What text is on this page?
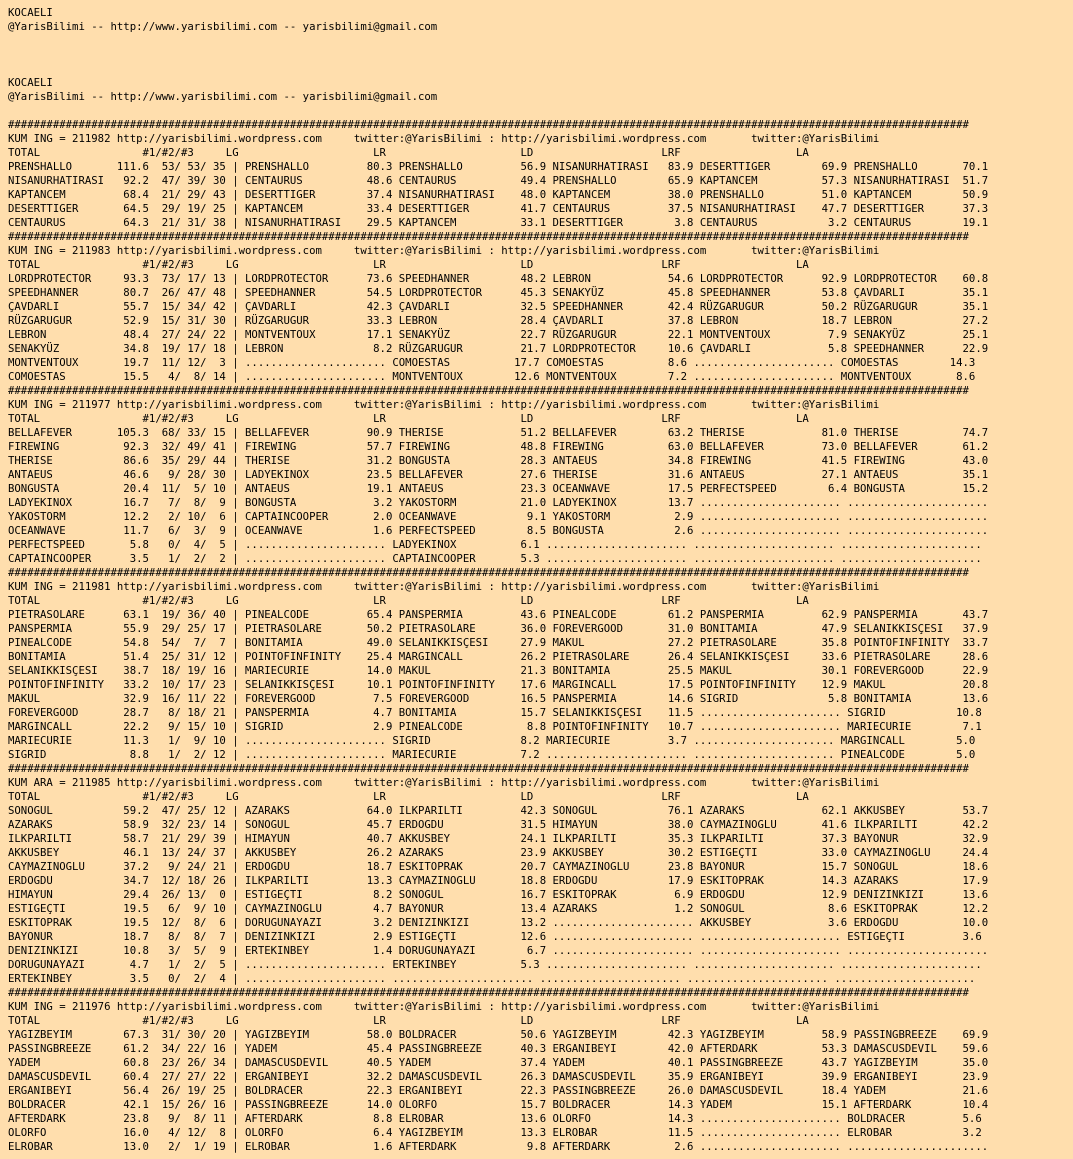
KOCAELI
@YarisBilimi -- http://www.yarisbilimi.com -- yarisbilimi@gmail.com
KOCAELI
@YarisBilimi -- http://www.yarisbilimi.com -- yarisbilimi@gmail.com
######################################################################################################################################################
KUM ING = 211982 http://yarisbilimi.wordpress.com     twitter:@YarisBilimi : http://yarisbilimi.wordpress.com       twitter:@YarisBilimi
TOTAL                #1/#2/#3     LG                     LR                     LD                    LRF                  LA
PRENSHALLO       111.6  53/ 53/ 35 | PRENSHALLO         80.3 PRENSHALLO         56.9 NISANURHATIRASI   83.9 DESERTTIGER        69.9 PRENSHALLO       70.1
NISANURHATIRASI   92.2  47/ 39/ 30 | CENTAURUS          48.6 CENTAURUS          49.4 PRENSHALLO        65.9 KAPTANCEM          57.3 NISANURHATIRASI  51.7
KAPTANCEM         68.4  21/ 29/ 43 | DESERTTIGER        37.4 NISANURHATIRASI    48.0 KAPTANCEM         38.0 PRENSHALLO         51.0 KAPTANCEM        50.9
DESERTTIGER       64.5  29/ 19/ 25 | KAPTANCEM          33.4 DESERTTIGER        41.7 CENTAURUS         37.5 NISANURHATIRASI    47.7 DESERTTIGER      37.3
CENTAURUS         64.3  21/ 31/ 38 | NISANURHATIRASI    29.5 KAPTANCEM          33.1 DESERTTIGER        3.8 CENTAURUS           3.2 CENTAURUS        19.1
######################################################################################################################################################
KUM ING = 211983 http://yarisbilimi.wordpress.com     twitter:@YarisBilimi : http://yarisbilimi.wordpress.com       twitter:@YarisBilimi
TOTAL                #1/#2/#3     LG                     LR                     LD                    LRF                  LA
LORDPROTECTOR     93.3  73/ 17/ 13 | LORDPROTECTOR      73.6 SPEEDHANNER        48.2 LEBRON            54.6 LORDPROTECTOR      92.9 LORDPROTECTOR    60.8
SPEEDHANNER       80.7  26/ 47/ 48 | SPEEDHANNER        54.5 LORDPROTECTOR      45.3 SENAKYÜZ          45.8 SPEEDHANNER        53.8 ÇAVDARLI         35.1
ÇAVDARLI          55.7  15/ 34/ 42 | ÇAVDARLI           42.3 ÇAVDARLI           32.5 SPEEDHANNER       42.4 RÜZGARUGUR         50.2 RÜZGARUGUR       35.1
RÜZGARUGUR        52.9  15/ 31/ 30 | RÜZGARUGUR         33.3 LEBRON             28.4 ÇAVDARLI          37.8 LEBRON             18.7 LEBRON           27.2
LEBRON            48.4  27/ 24/ 22 | MONTVENTOUX        17.1 SENAKYÜZ           22.7 RÜZGARUGUR        22.1 MONTVENTOUX         7.9 SENAKYÜZ         25.1
SENAKYÜZ          34.8  19/ 17/ 18 | LEBRON              8.2 RÜZGARUGUR         21.7 LORDPROTECTOR     10.6 ÇAVDARLI            5.8 SPEEDHANNER      22.9
MONTVENTOUX       19.7  11/ 12/  3 | ...................... COMOESTAS          17.7 COMOESTAS          8.6 ...................... COMOESTAS        14.3
COMOESTAS         15.5   4/  8/ 14 | ...................... MONTVENTOUX        12.6 MONTVENTOUX        7.2 ...................... MONTVENTOUX       8.6
######################################################################################################################################################
KUM ING = 211977 http://yarisbilimi.wordpress.com     twitter:@YarisBilimi : http://yarisbilimi.wordpress.com       twitter:@YarisBilimi
TOTAL                #1/#2/#3     LG                     LR                     LD                    LRF                  LA
BELLAFEVER       105.3  68/ 33/ 15 | BELLAFEVER         90.9 THERISE            51.2 BELLAFEVER        63.2 THERISE            81.0 THERISE          74.7
FIREWING          92.3  32/ 49/ 41 | FIREWING           57.7 FIREWING           48.8 FIREWING          63.0 BELLAFEVER         73.0 BELLAFEVER       61.2
THERISE           86.6  35/ 29/ 44 | THERISE            31.2 BONGUSTA           28.3 ANTAEUS           34.8 FIREWING           41.5 FIREWING         43.0
ANTAEUS           46.6   9/ 28/ 30 | LADYEKINOX         23.5 BELLAFEVER         27.6 THERISE           31.6 ANTAEUS            27.1 ANTAEUS          35.1
BONGUSTA          20.4  11/  5/ 10 | ANTAEUS            19.1 ANTAEUS            23.3 OCEANWAVE         17.5 PERFECTSPEED        6.4 BONGUSTA         15.2
LADYEKINOX        16.7   7/  8/  9 | BONGUSTA            3.2 YAKOSTORM          21.0 LADYEKINOX        13.7 ...................... ......................
YAKOSTORM         12.2   2/ 10/  6 | CAPTAINCOOPER       2.0 OCEANWAVE           9.1 YAKOSTORM          2.9 ...................... ......................
OCEANWAVE         11.7   6/  3/  9 | OCEANWAVE           1.6 PERFECTSPEED        8.5 BONGUSTA           2.6 ...................... ......................
PERFECTSPEED       5.8   0/  4/  5 | ...................... LADYEKINOX          6.1 ...................... ...................... ......................
CAPTAINCOOPER      3.5   1/  2/  2 | ...................... CAPTAINCOOPER       5.3 ...................... ...................... ......................
######################################################################################################################################################
KUM ING = 211981 http://yarisbilimi.wordpress.com     twitter:@YarisBilimi : http://yarisbilimi.wordpress.com       twitter:@YarisBilimi
TOTAL                #1/#2/#3     LG                     LR                     LD                    LRF                  LA
PIETRASOLARE      63.1  19/ 36/ 40 | PINEALCODE         65.4 PANSPERMIA         43.6 PINEALCODE        61.2 PANSPERMIA         62.9 PANSPERMIA       43.7
PANSPERMIA        55.9  29/ 25/ 17 | PIETRASOLARE       50.2 PIETRASOLARE       36.0 FOREVERGOOD       31.0 BONITAMIA          47.9 SELANIKKISÇESI   37.9
PINEALCODE        54.8  54/  7/  7 | BONITAMIA          49.0 SELANIKKISÇESI     27.9 MAKUL             27.2 PIETRASOLARE       35.8 POINTOFINFINITY  33.7
BONITAMIA         51.4  25/ 31/ 12 | POINTOFINFINITY    25.4 MARGINCALL         26.2 PIETRASOLARE      26.4 SELANIKKISÇESI     33.6 PIETRASOLARE     28.6
SELANIKKISÇESI    38.7  18/ 19/ 16 | MARIECURIE         14.0 MAKUL              21.3 BONITAMIA         25.5 MAKUL              30.1 FOREVERGOOD      22.9
POINTOFINFINITY   33.2  10/ 17/ 23 | SELANIKKISÇESI     10.1 POINTOFINFINITY    17.6 MARGINCALL        17.5 POINTOFINFINITY    12.9 MAKUL            20.8
MAKUL             32.9  16/ 11/ 22 | FOREVERGOOD         7.5 FOREVERGOOD        16.5 PANSPERMIA        14.6 SIGRID              5.8 BONITAMIA        13.6
FOREVERGOOD       28.7   8/ 18/ 21 | PANSPERMIA          4.7 BONITAMIA          15.7 SELANIKKISÇESI    11.5 ...................... SIGRID           10.8
MARGINCALL        22.2   9/ 15/ 10 | SIGRID              2.9 PINEALCODE          8.8 POINTOFINFINITY   10.7 ...................... MARIECURIE        7.1
MARIECURIE        11.3   1/  9/ 10 | ...................... SIGRID              8.2 MARIECURIE         3.7 ...................... MARGINCALL        5.0
SIGRID             8.8   1/  2/ 12 | ...................... MARIECURIE          7.2 ...................... ...................... PINEALCODE        5.0
######################################################################################################################################################
KUM ARA = 211985 http://yarisbilimi.wordpress.com     twitter:@YarisBilimi : http://yarisbilimi.wordpress.com       twitter:@YarisBilimi
TOTAL                #1/#2/#3     LG                     LR                     LD                    LRF                  LA
SONOGUL           59.2  47/ 25/ 12 | AZARAKS            64.0 ILKPARILTI         42.3 SONOGUL           76.1 AZARAKS            62.1 AKKUSBEY         53.7
AZARAKS           58.9  32/ 23/ 14 | SONOGUL            45.7 ERDOGDU            31.5 HIMAYUN           38.0 CAYMAZINOGLU       41.6 ILKPARILTI       42.2
ILKPARILTI        58.7  21/ 29/ 39 | HIMAYUN            40.7 AKKUSBEY           24.1 ILKPARILTI        35.3 ILKPARILTI         37.3 BAYONUR          32.9
AKKUSBEY          46.1  13/ 24/ 37 | AKKUSBEY           26.2 AZARAKS            23.9 AKKUSBEY          30.2 ESTIGEÇTI          33.0 CAYMAZINOGLU     24.4
CAYMAZINOGLU      37.2   9/ 24/ 21 | ERDOGDU            18.7 ESKITOPRAK         20.7 CAYMAZINOGLU      23.8 BAYONUR            15.7 SONOGUL          18.6
ERDOGDU           34.7  12/ 18/ 26 | ILKPARILTI         13.3 CAYMAZINOGLU       18.8 ERDOGDU           17.9 ESKITOPRAK         14.3 AZARAKS          17.9
HIMAYUN           29.4  26/ 13/  0 | ESTIGEÇTI           8.2 SONOGUL            16.7 ESKITOPRAK         6.9 ERDOGDU            12.9 DENIZINKIZI      13.6
ESTIGEÇTI         19.5   6/  9/ 10 | CAYMAZINOGLU        4.7 BAYONUR            13.4 AZARAKS            1.2 SONOGUL             8.6 ESKITOPRAK       12.2
ESKITOPRAK        19.5  12/  8/  6 | DORUGUNAYAZI        3.2 DENIZINKIZI        13.2 ...................... AKKUSBEY            3.6 ERDOGDU          10.0
BAYONUR           18.7   8/  8/  7 | DENIZINKIZI         2.9 ESTIGEÇTI          12.6 ...................... ...................... ESTIGEÇTI         3.6
DENIZINKIZI       10.8   3/  5/  9 | ERTEKINBEY          1.4 DORUGUNAYAZI        6.7 ...................... ...................... ......................
DORUGUNAYAZI       4.7   1/  2/  5 | ...................... ERTEKINBEY          5.3 ...................... ...................... ......................
ERTEKINBEY         3.5   0/  2/  4 | ...................... ...................... ...................... ...................... ......................
######################################################################################################################################################
KUM ING = 211976 http://yarisbilimi.wordpress.com     twitter:@YarisBilimi : http://yarisbilimi.wordpress.com       twitter:@YarisBilimi
TOTAL                #1/#2/#3     LG                     LR                     LD                    LRF                  LA
YAGIZBEYIM        67.3  31/ 30/ 20 | YAGIZBEYIM         58.0 BOLDRACER          50.6 YAGIZBEYIM        42.3 YAGIZBEYIM         58.9 PASSINGBREEZE    69.9
PASSINGBREEZE     61.2  34/ 22/ 16 | YADEM              45.4 PASSINGBREEZE      40.3 ERGANIBEYI        42.0 AFTERDARK          53.3 DAMASCUSDEVIL    59.6
YADEM             60.8  23/ 26/ 34 | DAMASCUSDEVIL      40.5 YADEM              37.4 YADEM             40.1 PASSINGBREEZE      43.7 YAGIZBEYIM       35.0
DAMASCUSDEVIL     60.4  27/ 27/ 22 | ERGANIBEYI         32.2 DAMASCUSDEVIL      26.3 DAMASCUSDEVIL     35.9 ERGANIBEYI         39.9 ERGANIBEYI       23.9
ERGANIBEYI        56.4  26/ 19/ 25 | BOLDRACER          22.3 ERGANIBEYI         22.3 PASSINGBREEZE     26.0 DAMASCUSDEVIL      18.4 YADEM            21.6
BOLDRACER         42.1  15/ 26/ 16 | PASSINGBREEZE      14.0 OLORFO             15.7 BOLDRACER         14.3 YADEM              15.1 AFTERDARK        10.4
AFTERDARK         23.8   9/  8/ 11 | AFTERDARK           8.8 ELROBAR            13.6 OLORFO            14.3 ...................... BOLDRACER         5.6
OLORFO            16.0   4/ 12/  8 | OLORFO              6.4 YAGIZBEYIM         13.3 ELROBAR           11.5 ...................... ELROBAR           3.2
ELROBAR           13.0   2/  1/ 19 | ELROBAR             1.6 AFTERDARK           9.8 AFTERDARK          2.6 ...................... ......................
